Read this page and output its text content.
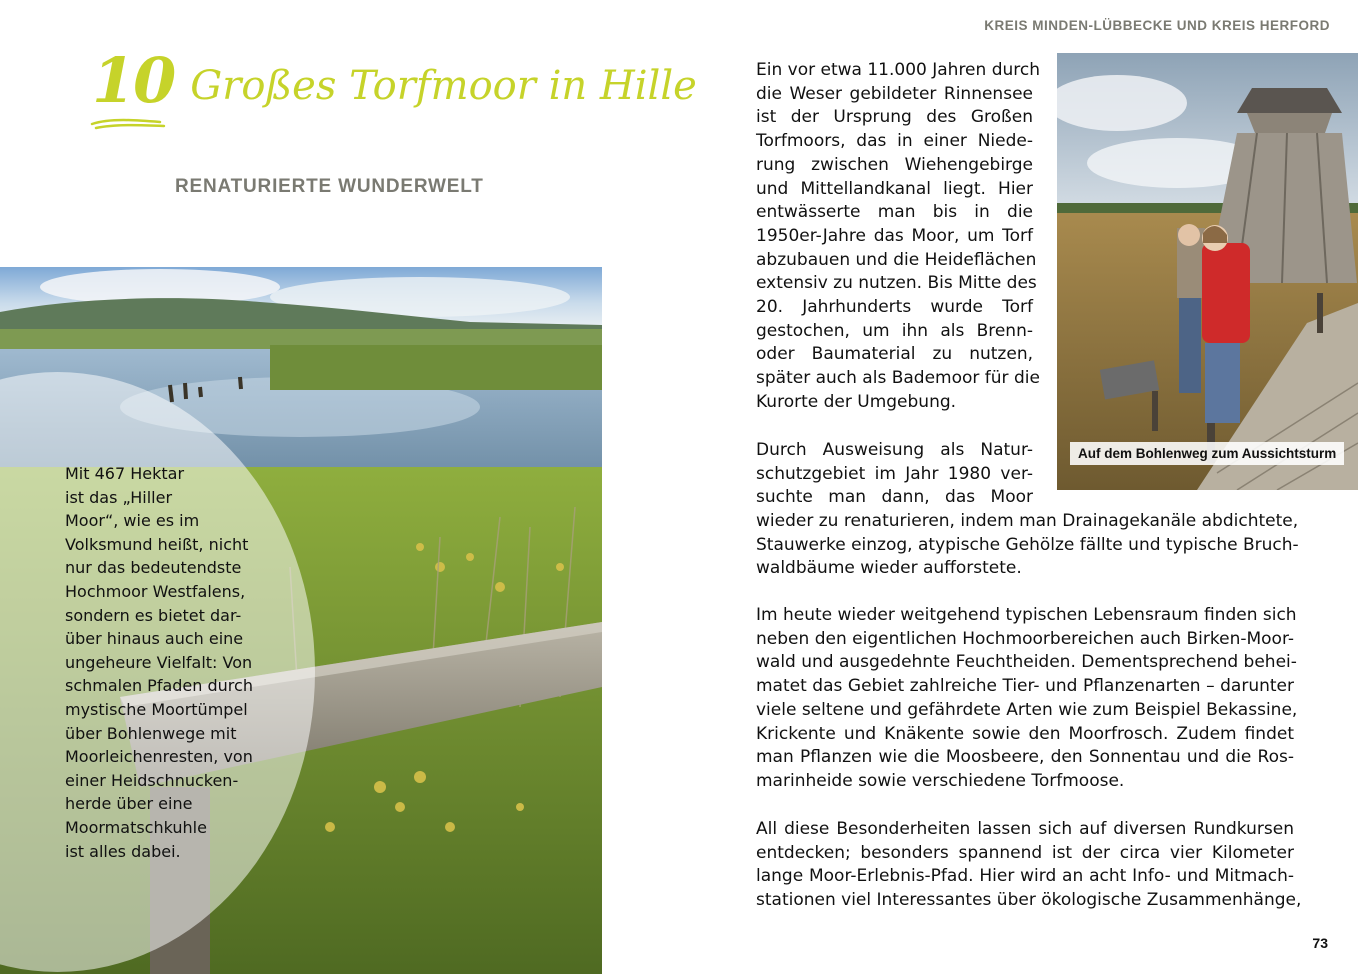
KREIS MINDEN-LÜBBECKE UND KREIS HERFORD
10 Großes Torfmoor in Hille
RENATURIERTE WUNDERWELT

Mit 467 Hektar
ist das „Hiller
Moor“, wie es im
Volksmund heißt, nicht
nur das bedeutendste
Hochmoor Westfalens,
sondern es bietet dar-
über hinaus auch eine
ungeheure Vielfalt: Von
schmalen Pfaden durch
mystische Moortümpel
über Bohlenwege mit
Moorleichenresten, von
einer Heidschnucken-
herde über eine
Moormatschkuhle
ist alles dabei.

Auf dem Bohlenweg zum Aussichtsturm

Ein vor etwa 11.000 Jahren durch
die Weser gebildeter Rinnensee
ist der Ursprung des Großen
Torfmoors, das in einer Niede-
rung zwischen Wiehengebirge
und Mittellandkanal liegt. Hier
entwässerte man bis in die
1950er-Jahre das Moor, um Torf
abzubauen und die Heideflächen
extensiv zu nutzen. Bis Mitte des
20. Jahrhunderts wurde Torf
gestochen, um ihn als Brenn-
oder Baumaterial zu nutzen,
später auch als Bademoor für die
Kurorte der Umgebung.

Durch Ausweisung als Natur-
schutzgebiet im Jahr 1980 ver-
suchte man dann, das Moor

wieder zu renaturieren, indem man Drainagekanäle abdichtete,
Stauwerke einzog, atypische Gehölze fällte und typische Bruch-
waldbäume wieder aufforstete.

Im heute wieder weitgehend typischen Lebensraum finden sich
neben den eigentlichen Hochmoorbereichen auch Birken-Moor-
wald und ausgedehnte Feuchtheiden. Dementsprechend behei-
matet das Gebiet zahlreiche Tier- und Pflanzenarten – darunter
viele seltene und gefährdete Arten wie zum Beispiel Bekassine,
Krickente und Knäkente sowie den Moorfrosch. Zudem findet
man Pflanzen wie die Moosbeere, den Sonnentau und die Ros-
marinheide sowie verschiedene Torfmoose.

All diese Besonderheiten lassen sich auf diversen Rundkursen
entdecken; besonders spannend ist der circa vier Kilometer
lange Moor-Erlebnis-Pfad. Hier wird an acht Info- und Mitmach-
stationen viel Interessantes über ökologische Zusammenhänge,

73
